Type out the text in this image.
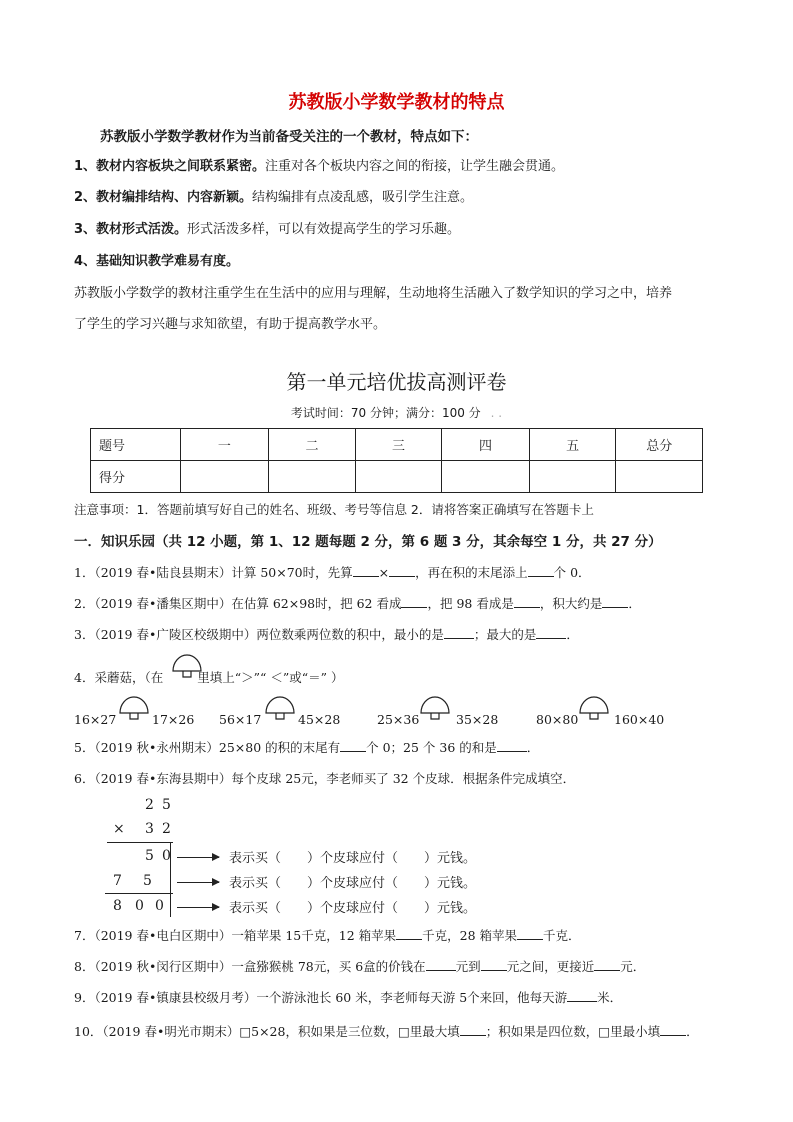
苏教版小学数学教材的特点
苏教版小学数学教材作为当前备受关注的一个教材，特点如下：
1、教材内容板块之间联系紧密。注重对各个板块内容之间的衔接，让学生融会贯通。
2、教材编排结构、内容新颖。结构编排有点凌乱感，吸引学生注意。
3、教材形式活泼。形式活泼多样，可以有效提高学生的学习乐趣。
4、基础知识教学难易有度。
苏教版小学数学的教材注重学生在生活中的应用与理解，生动地将生活融入了数学知识的学习之中，培养
了学生的学习兴趣与求知欲望，有助于提高教学水平。
第一单元培优拔高测评卷
考试时间：70 分钟；满分：100 分 . .
题号	一	二	三	四	五	总分
得分						
注意事项：1．答题前填写好自己的姓名、班级、考号等信息 2．请将答案正确填写在答题卡上
一．知识乐园（共 12 小题，第 1、12 题每题 2 分，第 6 题 3 分，其余每空 1 分，共 27 分）
1．（2019 春•陆良县期末）计算 50×70时，先算 × ，再在积的末尾添上 个 0．
2．（2019 春•潘集区期中）在估算 62×98时，把 62 看成 ，把 98 看成是 ，积大约是 ．
3．（2019 春•广陵区校级期中）两位数乘两位数的积中，最小的是 ；最大的是 ．
4．采蘑菇，（在	里填上“＞”“ ＜”或“＝” ）
16×27	17×26 56×17	45×28	25×36	35×28	80×80	160×40
5．（2019 秋•永州期末）25×80 的积的末尾有 个 0；25 个 36 的和是 ．
6．（2019 春•东海县期中）每个皮球 25元，李老师买了 32 个皮球．根据条件完成填空．
2 5
× 3 2
5 0
7 5
8 0 0
表示买（　　）个皮球应付（　　）元钱。
表示买（　　）个皮球应付（　　）元钱。
表示买（　　）个皮球应付（　　）元钱。
7．（2019 春•电白区期中）一箱苹果 15千克，12 箱苹果 千克，28 箱苹果 千克．
8．（2019 秋•闵行区期中）一盒猕猴桃 78元，买 6盒的价钱在 元到 元之间，更接近 元．
9．（2019 春•镇康县校级月考）一个游泳池长 60 米，李老师每天游 5个来回，他每天游 米．
10．（2019 春•明光市期末）□5×28，积如果是三位数，□里最大填 ；积如果是四位数，□里最小填 ．
